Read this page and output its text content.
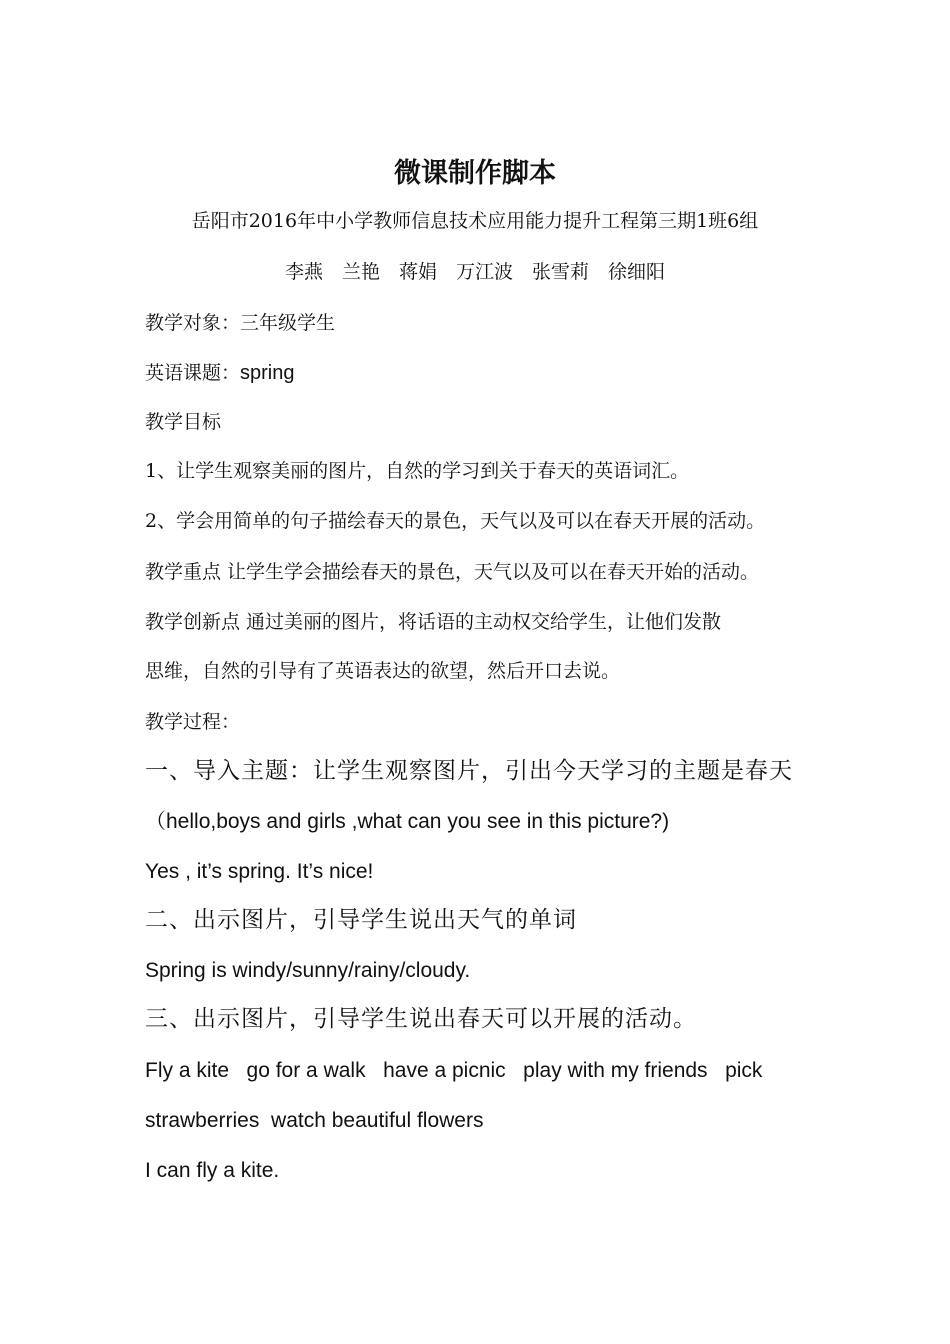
微课制作脚本
岳阳市2016年中小学教师信息技术应用能力提升工程第三期1班6组
李燕　兰艳　蒋娟　万江波　张雪莉　徐细阳
教学对象：三年级学生
英语课题：spring
教学目标
1、让学生观察美丽的图片，自然的学习到关于春天的英语词汇。
2、学会用简单的句子描绘春天的景色，天气以及可以在春天开展的活动。
教学重点 让学生学会描绘春天的景色，天气以及可以在春天开始的活动。
教学创新点 通过美丽的图片，将话语的主动权交给学生，让他们发散
思维，自然的引导有了英语表达的欲望，然后开口去说。
教学过程：
一、导入主题：让学生观察图片，引出今天学习的主题是春天
（hello,boys and girls ,what can you see in this picture?)
Yes , it’s spring. It’s nice!
二、出示图片，引导学生说出天气的单词
Spring is windy/sunny/rainy/cloudy.
三、出示图片，引导学生说出春天可以开展的活动。
Fly a kite   go for a walk   have a picnic   play with my friends   pick
strawberries  watch beautiful flowers
I can fly a kite.
